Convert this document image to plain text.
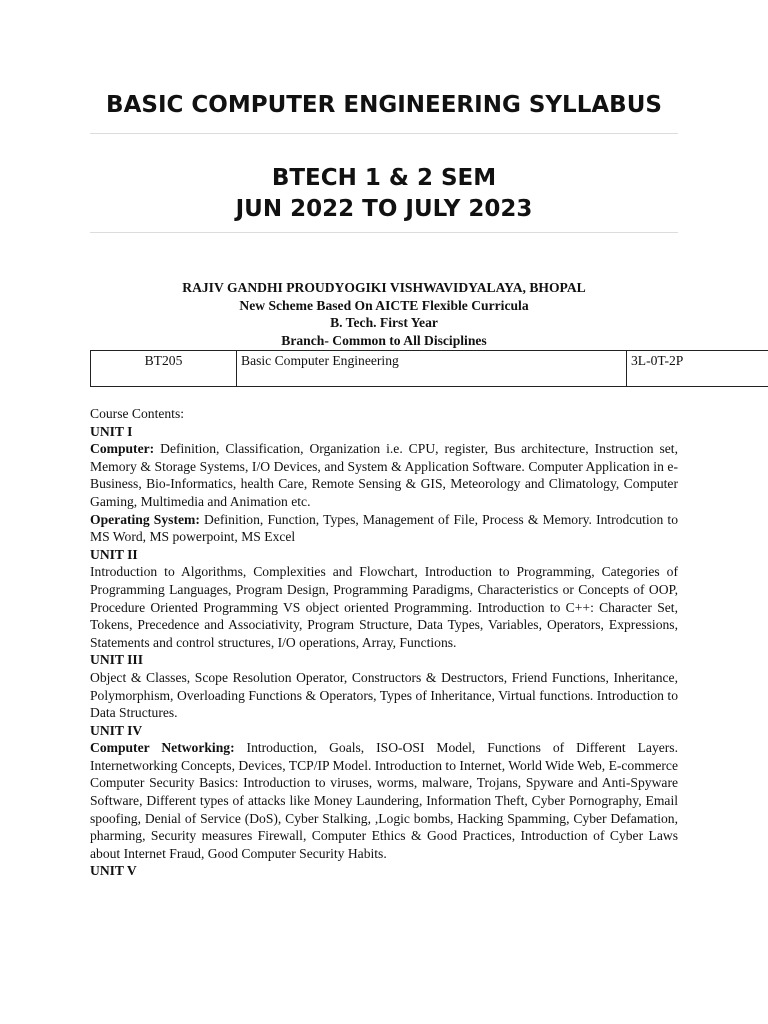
BASIC COMPUTER ENGINEERING SYLLABUS
BTECH 1 & 2 SEM
JUN 2022 TO JULY 2023
RAJIV GANDHI PROUDYOGIKI VISHWAVIDYALAYA, BHOPAL
New Scheme Based On AICTE Flexible Curricula
B. Tech. First Year
Branch- Common to All Disciplines
BT205	Basic Computer Engineering	3L-0T-2P

Course Contents:

UNIT I

Computer: Definition, Classification, Organization i.e. CPU, register, Bus architecture, Instruction set, Memory & Storage Systems, I/O Devices, and System & Application Software. Computer Application in e- Business, Bio-Informatics, health Care, Remote Sensing & GIS, Meteorology and Climatology, Computer Gaming, Multimedia and Animation etc.

Operating System: Definition, Function, Types, Management of File, Process & Memory. Introdcution to MS Word, MS powerpoint, MS Excel

UNIT II

Introduction to Algorithms, Complexities and Flowchart, Introduction to Programming, Categories of Programming Languages, Program Design, Programming Paradigms, Characteristics or Concepts of OOP, Procedure Oriented Programming VS object oriented Programming. Introduction to C++: Character Set, Tokens, Precedence and Associativity, Program Structure, Data Types, Variables, Operators, Expressions, Statements and control structures, I/O operations, Array, Functions.

UNIT III

Object & Classes, Scope Resolution Operator, Constructors & Destructors, Friend Functions, Inheritance, Polymorphism, Overloading Functions & Operators, Types of Inheritance, Virtual functions. Introduction to Data Structures.

UNIT IV

Computer Networking: Introduction, Goals, ISO-OSI Model, Functions of Different Layers. Internetworking Concepts, Devices, TCP/IP Model. Introduction to Internet, World Wide Web, E-commerce Computer Security Basics: Introduction to viruses, worms, malware, Trojans, Spyware and Anti-Spyware Software, Different types of attacks like Money Laundering, Information Theft, Cyber Pornography, Email spoofing, Denial of Service (DoS), Cyber Stalking, ,Logic bombs, Hacking Spamming, Cyber Defamation, pharming, Security measures Firewall, Computer Ethics & Good Practices, Introduction of Cyber Laws about Internet Fraud, Good Computer Security Habits.

UNIT V
